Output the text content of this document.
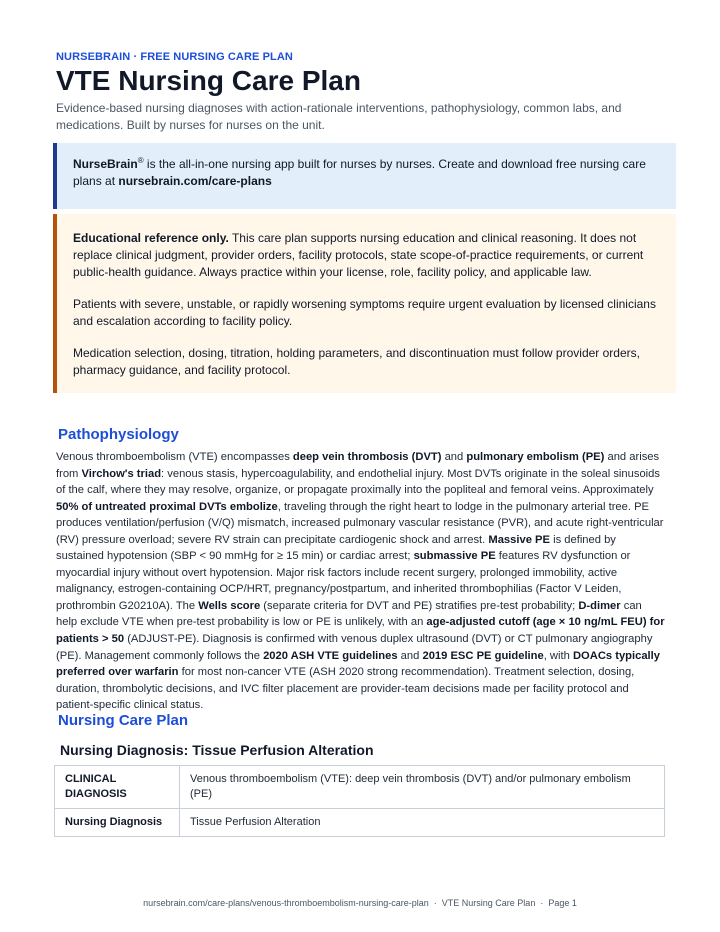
NURSEBRAIN · FREE NURSING CARE PLAN
VTE Nursing Care Plan
Evidence-based nursing diagnoses with action-rationale interventions, pathophysiology, common labs, and medications. Built by nurses for nurses on the unit.
NurseBrain® is the all-in-one nursing app built for nurses by nurses. Create and download free nursing care plans at nursebrain.com/care-plans

Educational reference only. This care plan supports nursing education and clinical reasoning. It does not replace clinical judgment, provider orders, facility protocols, state scope-of-practice requirements, or current public-health guidance. Always practice within your license, role, facility policy, and applicable law.

Patients with severe, unstable, or rapidly worsening symptoms require urgent evaluation by licensed clinicians and escalation according to facility policy.

Medication selection, dosing, titration, holding parameters, and discontinuation must follow provider orders, pharmacy guidance, and facility protocol.

Pathophysiology
Venous thromboembolism (VTE) encompasses deep vein thrombosis (DVT) and pulmonary embolism (PE) and arises from Virchow's triad: venous stasis, hypercoagulability, and endothelial injury. Most DVTs originate in the soleal sinusoids of the calf, where they may resolve, organize, or propagate proximally into the popliteal and femoral veins. Approximately 50% of untreated proximal DVTs embolize, traveling through the right heart to lodge in the pulmonary arterial tree. PE produces ventilation/perfusion (V/Q) mismatch, increased pulmonary vascular resistance (PVR), and acute right-ventricular (RV) pressure overload; severe RV strain can precipitate cardiogenic shock and arrest. Massive PE is defined by sustained hypotension (SBP < 90 mmHg for ≥ 15 min) or cardiac arrest; submassive PE features RV dysfunction or myocardial injury without overt hypotension. Major risk factors include recent surgery, prolonged immobility, active malignancy, estrogen-containing OCP/HRT, pregnancy/postpartum, and inherited thrombophilias (Factor V Leiden, prothrombin G20210A). The Wells score (separate criteria for DVT and PE) stratifies pre-test probability; D-dimer can help exclude VTE when pre-test probability is low or PE is unlikely, with an age-adjusted cutoff (age × 10 ng/mL FEU) for patients > 50 (ADJUST-PE). Diagnosis is confirmed with venous duplex ultrasound (DVT) or CT pulmonary angiography (PE). Management commonly follows the 2020 ASH VTE guidelines and 2019 ESC PE guideline, with DOACs typically preferred over warfarin for most non-cancer VTE (ASH 2020 strong recommendation). Treatment selection, dosing, duration, thrombolytic decisions, and IVC filter placement are provider-team decisions made per facility protocol and patient-specific clinical status.
Nursing Care Plan
Nursing Diagnosis: Tissue Perfusion Alteration
CLINICAL DIAGNOSIS	Venous thromboembolism (VTE): deep vein thrombosis (DVT) and/or pulmonary embolism (PE)
Nursing Diagnosis	Tissue Perfusion Alteration
nursebrain.com/care-plans/venous-thromboembolism-nursing-care-plan · VTE Nursing Care Plan · Page 1
